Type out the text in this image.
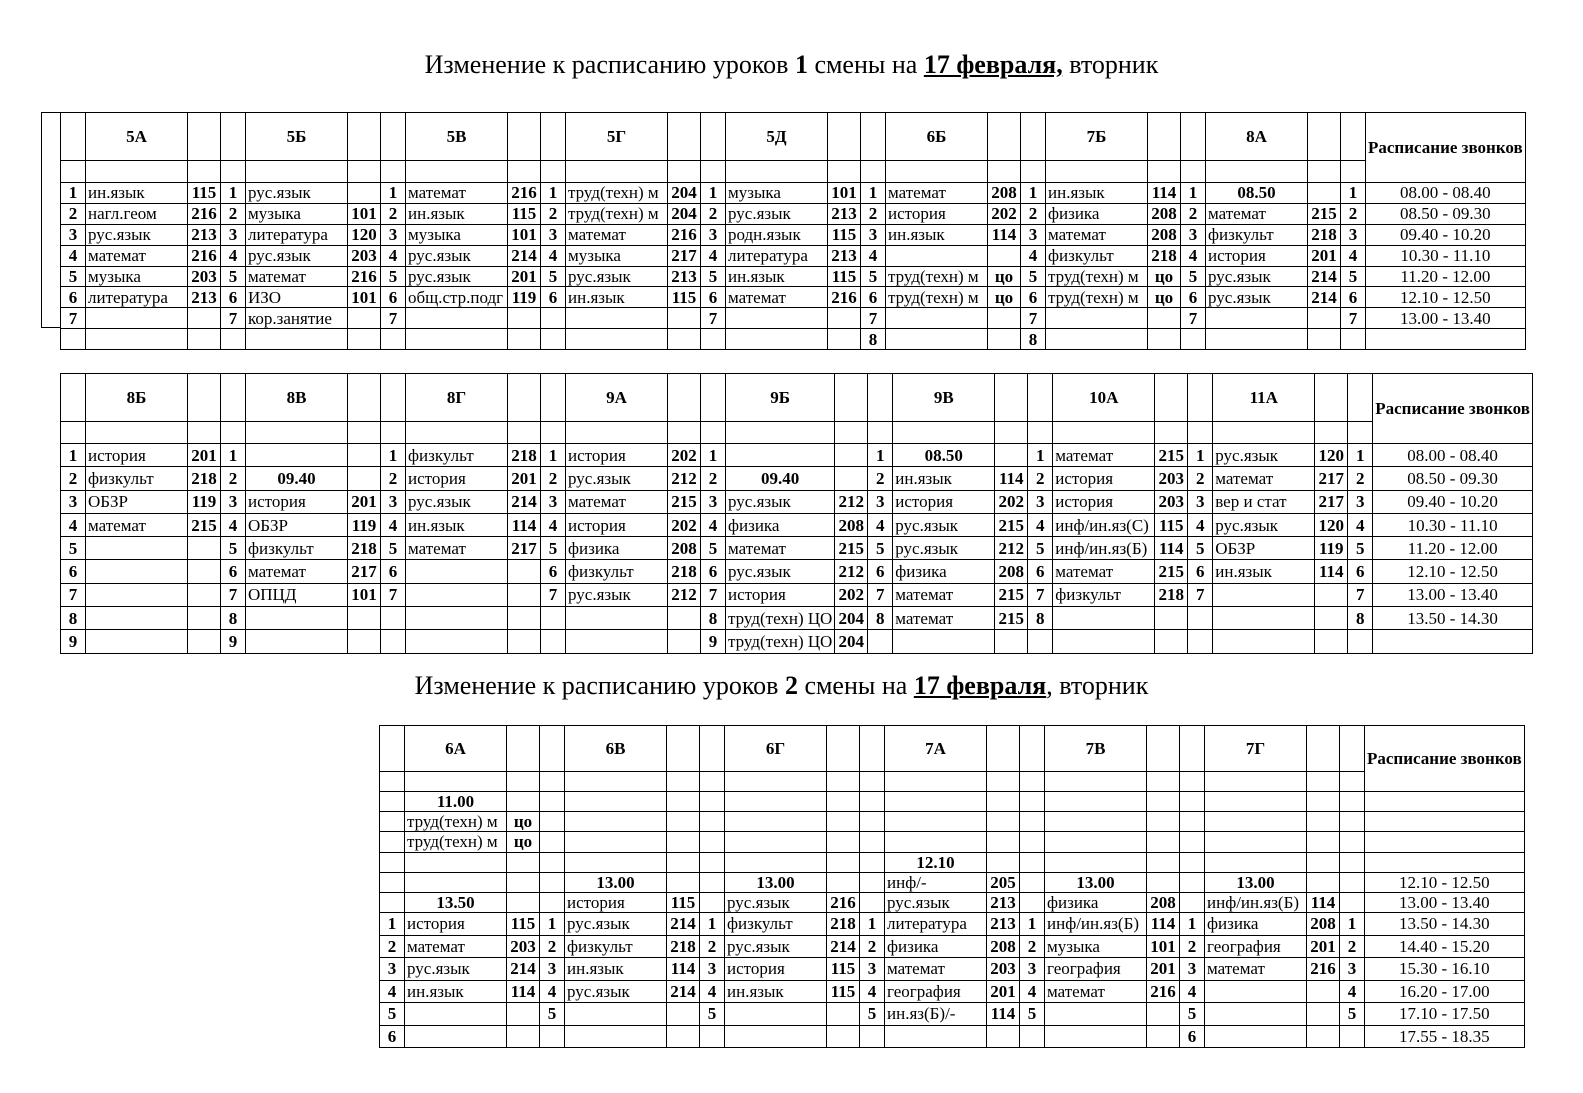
Изменение к расписанию уроков 1 смены на 17 февраля, вторник
	5А			5Б			5В			5Г			5Д			6Б			7Б			8А			Расписание звонков

1	ин.язык	115	1	рус.язык		1	математ	216	1	труд(техн) м	204	1	музыка	101	1	математ	208	1	ин.язык	114	1	08.50		1	08.00 - 08.40
2	нагл.геом	216	2	музыка	101	2	ин.язык	115	2	труд(техн) м	204	2	рус.язык	213	2	история	202	2	физика	208	2	математ	215	2	08.50 - 09.30
3	рус.язык	213	3	литература	120	3	музыка	101	3	математ	216	3	родн.язык	115	3	ин.язык	114	3	математ	208	3	физкульт	218	3	09.40 - 10.20
4	математ	216	4	рус.язык	203	4	рус.язык	214	4	музыка	217	4	литература	213	4			4	физкульт	218	4	история	201	4	10.30 - 11.10
5	музыка	203	5	математ	216	5	рус.язык	201	5	рус.язык	213	5	ин.язык	115	5	труд(техн) м	цо	5	труд(техн) м	цо	5	рус.язык	214	5	11.20 - 12.00
6	литература	213	6	ИЗО	101	6	общ.стр.подг	119	6	ин.язык	115	6	математ	216	6	труд(техн) м	цо	6	труд(техн) м	цо	6	рус.язык	214	6	12.10 - 12.50
7			7	кор.занятие		7						7			7			7			7			7	13.00 - 13.40
															8			8							
	8Б			8В			8Г			9А			9Б			9В			10А			11А			Расписание звонков

1	история	201	1			1	физкульт	218	1	история	202	1			1	08.50		1	математ	215	1	рус.язык	120	1	08.00 - 08.40
2	физкульт	218	2	09.40		2	история	201	2	рус.язык	212	2	09.40		2	ин.язык	114	2	история	203	2	математ	217	2	08.50 - 09.30
3	ОБЗР	119	3	история	201	3	рус.язык	214	3	математ	215	3	рус.язык	212	3	история	202	3	история	203	3	вер и стат	217	3	09.40 - 10.20
4	математ	215	4	ОБЗР	119	4	ин.язык	114	4	история	202	4	физика	208	4	рус.язык	215	4	инф/ин.яз(С)	115	4	рус.язык	120	4	10.30 - 11.10
5			5	физкульт	218	5	математ	217	5	физика	208	5	математ	215	5	рус.язык	212	5	инф/ин.яз(Б)	114	5	ОБЗР	119	5	11.20 - 12.00
6			6	математ	217	6			6	физкульт	218	6	рус.язык	212	6	физика	208	6	математ	215	6	ин.язык	114	6	12.10 - 12.50
7			7	ОПЦД	101	7			7	рус.язык	212	7	история	202	7	математ	215	7	физкульт	218	7			7	13.00 - 13.40
8			8									8	труд(техн) ЦО	204	8	математ	215	8						8	13.50 - 14.30
9			9									9	труд(техн) ЦО	204											
Изменение к расписанию уроков 2 смены на 17 февраля, вторник
	6А			6В			6Г			7А			7В			7Г			Расписание звонков

	11.00																		
	труд(техн) м	цо																	
	труд(техн) м	цо																	
										12.10									
				13.00			13.00			инф/-	205		13.00			13.00			12.10 - 12.50
	13.50			история	115		рус.язык	216		рус.язык	213		физика	208		инф/ин.яз(Б)	114		13.00 - 13.40
1	история	115	1	рус.язык	214	1	физкульт	218	1	литература	213	1	инф/ин.яз(Б)	114	1	физика	208	1	13.50 - 14.30
2	математ	203	2	физкульт	218	2	рус.язык	214	2	физика	208	2	музыка	101	2	география	201	2	14.40 - 15.20
3	рус.язык	214	3	ин.язык	114	3	история	115	3	математ	203	3	география	201	3	математ	216	3	15.30 - 16.10
4	ин.язык	114	4	рус.язык	214	4	ин.язык	115	4	география	201	4	математ	216	4			4	16.20 - 17.00
5			5			5			5	ин.яз(Б)/-	114	5			5			5	17.10 - 17.50
6															6				17.55 - 18.35
